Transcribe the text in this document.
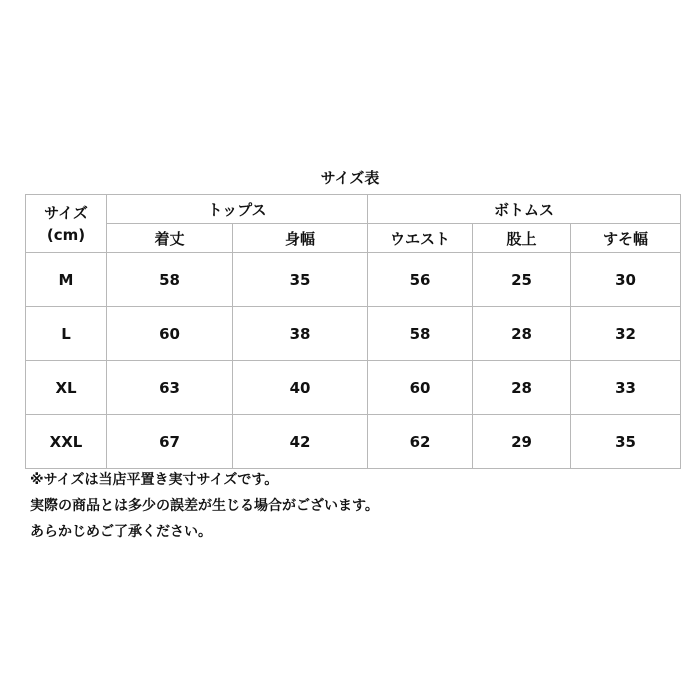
サイズ表
サイズ
(cm)	トップス		ボトムス		
	着丈	身幅	ウエスト	股上	すそ幅
M	58	35	56	25	30
L	60	38	58	28	32
XL	63	40	60	28	33
XXL	67	42	62	29	35
※サイズは当店平置き実寸サイズです。
実際の商品とは多少の誤差が生じる場合がございます。
あらかじめご了承ください。
